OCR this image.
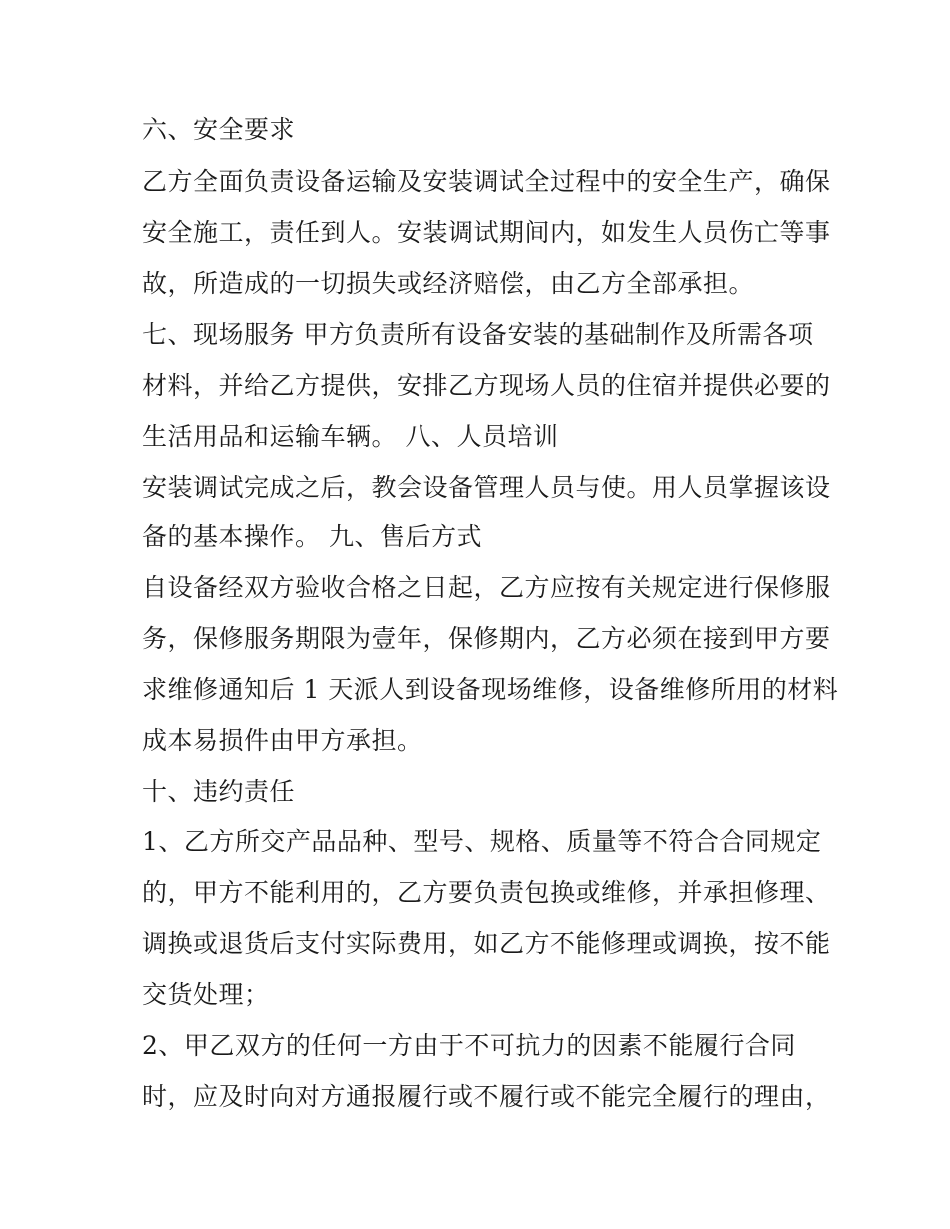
六、安全要求
乙方全面负责设备运输及安装调试全过程中的安全生产，确保
安全施工，责任到人。安装调试期间内，如发生人员伤亡等事
故，所造成的一切损失或经济赔偿，由乙方全部承担。
七、现场服务 甲方负责所有设备安装的基础制作及所需各项
材料，并给乙方提供，安排乙方现场人员的住宿并提供必要的
生活用品和运输车辆。 八、人员培训
安装调试完成之后，教会设备管理人员与使。用人员掌握该设
备的基本操作。 九、售后方式
自设备经双方验收合格之日起，乙方应按有关规定进行保修服
务，保修服务期限为壹年，保修期内，乙方必须在接到甲方要
求维修通知后 1 天派人到设备现场维修，设备维修所用的材料
成本易损件由甲方承担。
十、违约责任
1、乙方所交产品品种、型号、规格、质量等不符合合同规定
的，甲方不能利用的，乙方要负责包换或维修，并承担修理、
调换或退货后支付实际费用，如乙方不能修理或调换，按不能
交货处理；
2、甲乙双方的任何一方由于不可抗力的因素不能履行合同
时，应及时向对方通报履行或不履行或不能完全履行的理由，
